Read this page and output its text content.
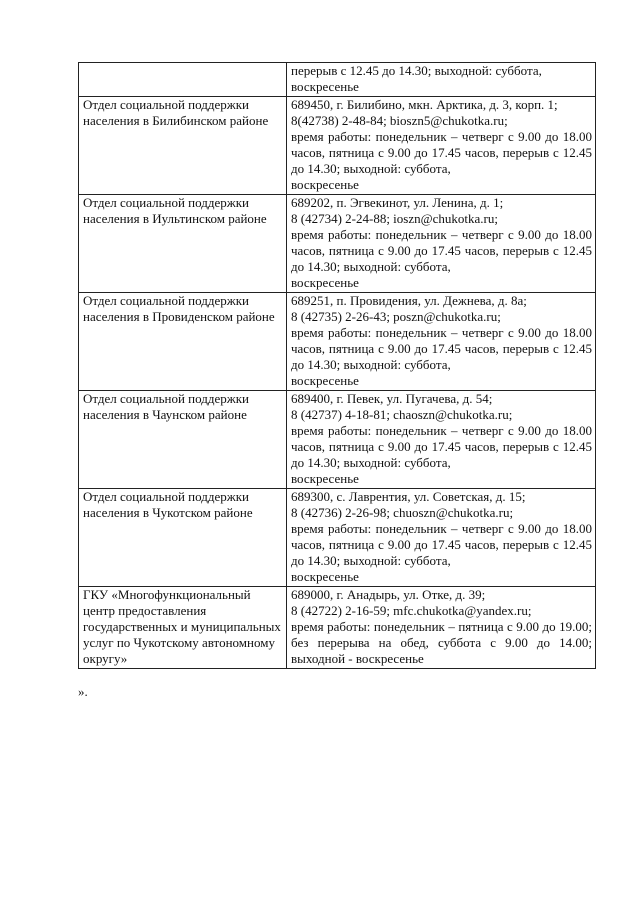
	перерыв с 12.45 до 14.30; выходной: суббота,
воскресенье

Отдел социальной поддержки населения в Билибинском районе	689450, г. Билибино, мкн. Арктика, д. 3, корп. 1;
8(42738) 2-48-84; bioszn5@chukotka.ru;
время работы: понедельник – четверг с 9.00 до 18.00 часов, пятница с 9.00 до 17.45 часов, перерыв с 12.45 до 14.30; выходной: суббота,
воскресенье

Отдел социальной поддержки населения в Иультинском районе	689202, п. Эгвекинот, ул. Ленина, д. 1;
8 (42734) 2-24-88; ioszn@chukotka.ru;
время работы: понедельник – четверг с 9.00 до 18.00 часов, пятница с 9.00 до 17.45 часов, перерыв с 12.45 до 14.30; выходной: суббота,
воскресенье

Отдел социальной поддержки населения в Провиденском районе	689251, п. Провидения, ул. Дежнева, д. 8а;
8 (42735) 2-26-43; poszn@chukotka.ru;
время работы: понедельник – четверг с 9.00 до 18.00 часов, пятница с 9.00 до 17.45 часов, перерыв с 12.45 до 14.30; выходной: суббота,
воскресенье

Отдел социальной поддержки населения в Чаунском районе	689400, г. Певек, ул. Пугачева, д. 54;
8 (42737) 4-18-81; chaoszn@chukotka.ru;
время работы: понедельник – четверг с 9.00 до 18.00 часов, пятница с 9.00 до 17.45 часов, перерыв с 12.45 до 14.30; выходной: суббота,
воскресенье

Отдел социальной поддержки населения в Чукотском районе	689300, с. Лаврентия, ул. Советская, д. 15;
8 (42736) 2-26-98; chuoszn@chukotka.ru;
время работы: понедельник – четверг с 9.00 до 18.00 часов, пятница с 9.00 до 17.45 часов, перерыв с 12.45 до 14.30; выходной: суббота,
воскресенье

ГКУ «Многофункциональный центр предоставления государственных и муниципальных услуг по Чукотскому автономному округу»	689000, г. Анадырь, ул. Отке, д. 39;
8 (42722) 2-16-59; mfc.chukotka@yandex.ru;
время работы: понедельник – пятница с 9.00 до 19.00; без перерыва на обед, суббота с 9.00 до 14.00; выходной - воскресенье
».
